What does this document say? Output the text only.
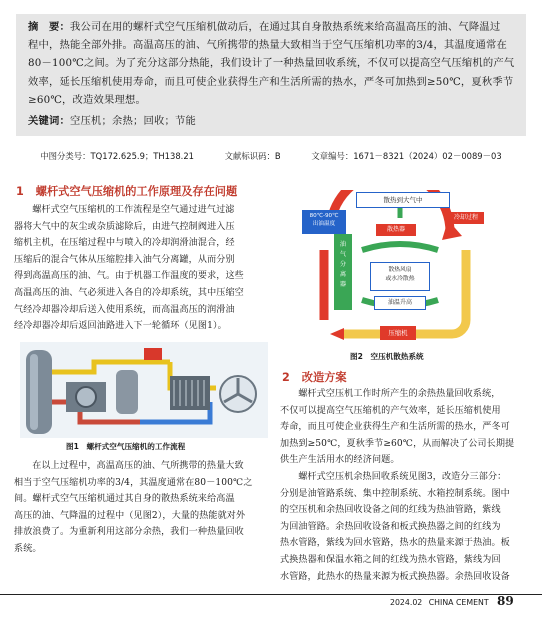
摘　要：我公司在用的螺杆式空气压缩机做动后，在通过其自身散热系统来给高温高压的油、气降温过

程中，热能全部外排。高温高压的油、气所携带的热量大致相当于空气压缩机功率的3/4，其温度通常在

80－100℃之间。为了充分这部分热能，我们设计了一种热量回收系统，不仅可以提高空气压缩机的产气

效率，延长压缩机使用寿命，而且可使企业获得生产和生活所需的热水，严冬可加热到≥50℃，夏秋季节

≥60℃，改造效果理想。

关键词：空压机；余热；回收；节能

中图分类号：TQ172.625.9；TH138.21	文献标识码：B	文章编号：1671－8321（2024）02－0089－03
1 螺杆式空气压缩机的工作原理及存在问题

螺杆式空气压缩机的工作流程是空气通过进气过滤

器将大气中的灰尘或杂质滤除后，由进气控制阀进入压

缩机主机，在压缩过程中与喷入的冷却润滑油混合，经

压缩后的混合气体从压缩腔排入油气分离罐，从而分别

得到高温高压的油、气。由于机器工作温度的要求，这些

高温高压的油、气必须进入各自的冷却系统，其中压缩空

气经冷却器冷却后送入使用系统，而高温高压的润滑油

经冷却器冷却后返回油路进入下一轮循环（见图1）。

图1　螺杆式空气压缩机的工作流程

在以上过程中，高温高压的油、气所携带的热量大致

相当于空气压缩机功率的3/4，其温度通常在80－100℃之

间。螺杆式空气压缩机通过其自身的散热系统来给高温

高压的油、气降温的过程中（见图2），大量的热能就对外

排放浪费了。为重新利用这部分余热，我们一种热量回收

系统。

散热到大气中
80℃-90℃
出油温度
散热器
冷却过程
油
气
分
离
器
散热风扇
或水冷散热
油温升高
压缩机
图2　空压机散热系统
2 改造方案

螺杆式空压机工作时所产生的余热热量回收系统，

不仅可以提高空气压缩机的产气效率，延长压缩机使用

寿命，而且可使企业获得生产和生活所需的热水，严冬可

加热到≥50℃，夏秋季节≥60℃，从而解决了公司长期提

供生产生活用水的经济问题。

螺杆式空压机余热回收系统见图3，改造分三部分：

分别是油管路系统、集中控制系统、水箱控制系统。图中

的空压机和余热回收设备之间的红线为热油管路，紫线

为回油管路。余热回收设备和板式换热器之间的红线为

热水管路，紫线为回水管路，热水的热量来源于热油。板

式换热器和保温水箱之间的红线为热水管路，紫线为回

水管路，此热水的热量来源为板式换热器。余热回收设备

2024.02 CHINA CEMENT 89
